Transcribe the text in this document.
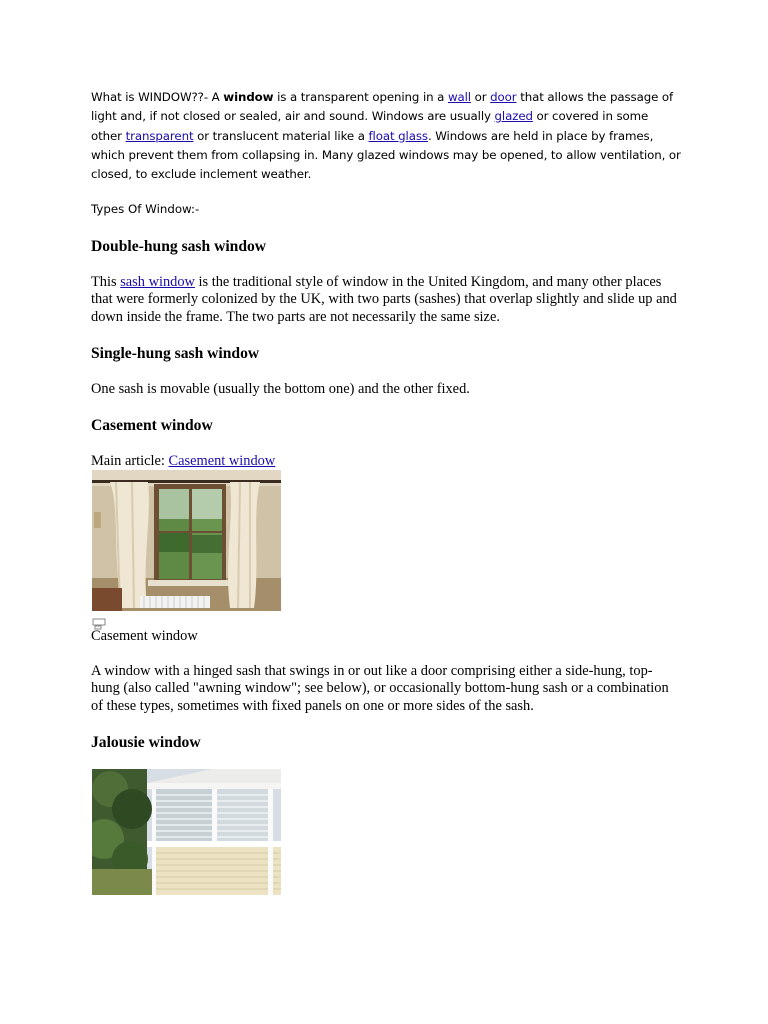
What is WINDOW??- A window is a transparent opening in a wall or door that allows the passage of light and, if not closed or sealed, air and sound. Windows are usually glazed or covered in some other transparent or translucent material like a float glass. Windows are held in place by frames, which prevent them from collapsing in. Many glazed windows may be opened, to allow ventilation, or closed, to exclude inclement weather.
Types Of Window:-
Double-hung sash window

This sash window is the traditional style of window in the United Kingdom, and many other places that were formerly colonized by the UK, with two parts (sashes) that overlap slightly and slide up and down inside the frame. The two parts are not necessarily the same size.

Single-hung sash window

One sash is movable (usually the bottom one) and the other fixed.

Casement window

Main article: Casement window

Casement window

A window with a hinged sash that swings in or out like a door comprising either a side-hung, top-hung (also called "awning window"; see below), or occasionally bottom-hung sash or a combination of these types, sometimes with fixed panels on one or more sides of the sash.

Jalousie window
